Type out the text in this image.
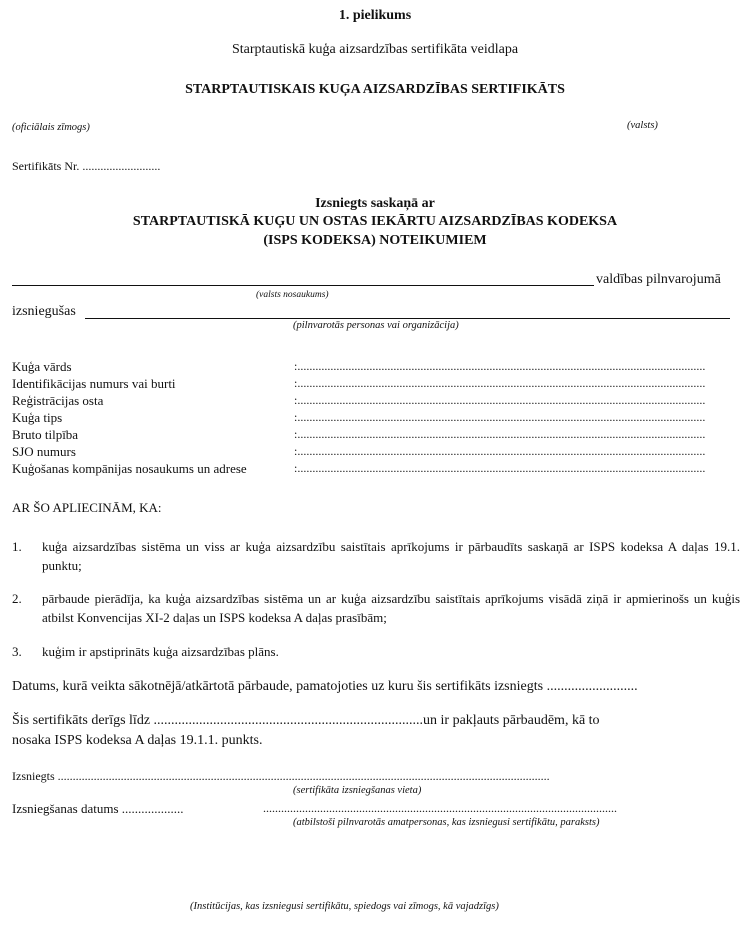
1. pielikums
Starptautiskā kuģa aizsardzības sertifikāta veidlapa
STARPTAUTISKAIS KUĢA AIZSARDZĪBAS SERTIFIKĀTS
(oficiālais zīmogs)	(valsts)
Sertifikāts Nr. ..........................
Izsniegts saskaņā ar
STARPTAUTISKĀ KUĢU UN OSTAS IEKĀRTU AIZSARDZĪBAS KODEKSA
(ISPS KODEKSA) NOTEIKUMIEM
valdības pilnvarojumā
(valsts nosaukums)
izsniegušas
(pilnvarotās personas vai organizācija)
Kuģa vārds	:........................................................................................................................................
Identifikācijas numurs vai burti	:........................................................................................................................................
Reģistrācijas osta	:........................................................................................................................................
Kuģa tips	:........................................................................................................................................
Bruto tilpība	:........................................................................................................................................
SJO numurs	:........................................................................................................................................
Kuģošanas kompānijas nosaukums un adrese	:........................................................................................................................................
AR ŠO APLIECINĀM, KA:
1. kuģa aizsardzības sistēma un viss ar kuģa aizsardzību saistītais aprīkojums ir pārbaudīts saskaņā ar ISPS kodeksa A daļas 19.1. punktu;
2. pārbaude pierādīja, ka kuģa aizsardzības sistēma un ar kuģa aizsardzību saistītais aprīkojums visādā ziņā ir apmierinošs un kuģis atbilst Konvencijas XI-2 daļas un ISPS kodeksa A daļas prasībām;
3. kuģim ir apstiprināts kuģa aizsardzības plāns.
Datums, kurā veikta sākotnējā/atkārtotā pārbaude, pamatojoties uz kuru šis sertifikāts izsniegts ..........................
Šis sertifikāts derīgs līdz .............................................................................un ir pakļauts pārbaudēm, kā to
nosaka ISPS kodeksa A daļas 19.1.1. punkts.
Izsniegts ....................................................................................................................................................................
(sertifikāta izsniegšanas vieta)
Izsniegšanas datums ...................	......................................................................................................................
(atbilstoši pilnvarotās amatpersonas, kas izsniegusi sertifikātu, paraksts)
(Institūcijas, kas izsniegusi sertifikātu, spiedogs vai zīmogs, kā vajadzīgs)
